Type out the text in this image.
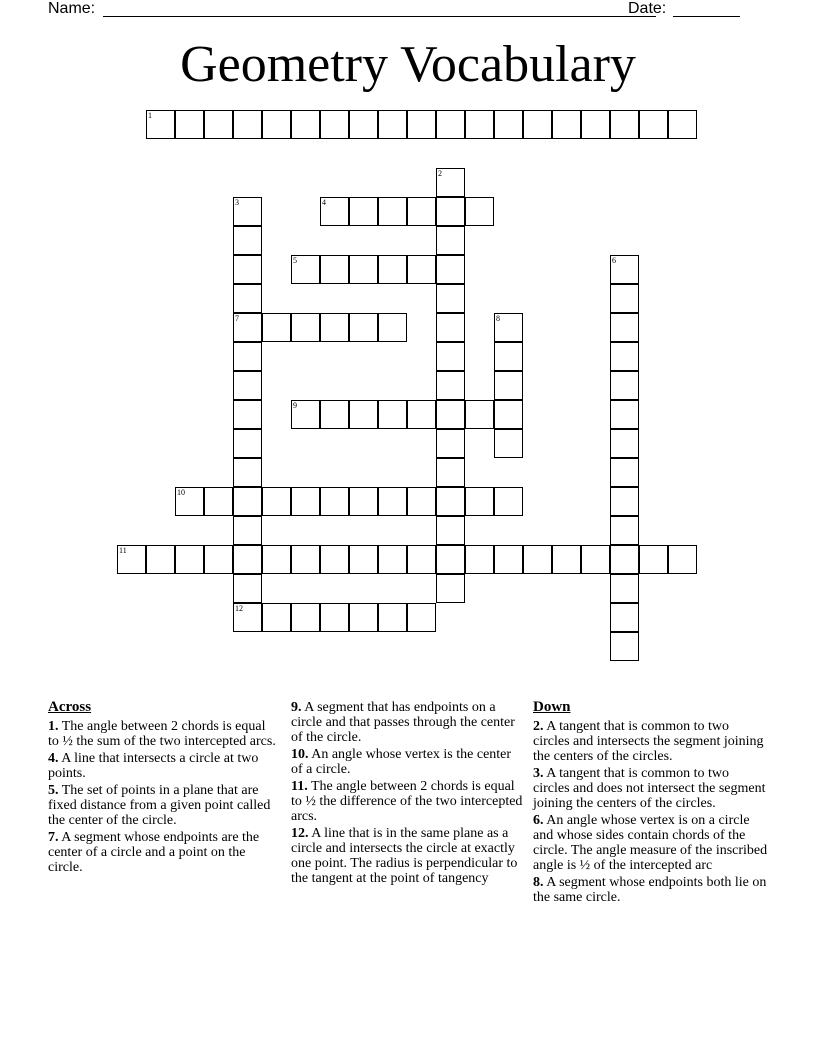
Name:	Date:
Geometry Vocabulary
1
4
5
7
9
10
11
12
2
3
6
8
Across
1. The angle between 2 chords is equal to ½ the sum of the two intercepted arcs.
4. A line that intersects a circle at two points.
5. The set of points in a plane that are fixed distance from a given point called the center of the circle.
7. A segment whose endpoints are the center of a circle and a point on the circle.
9. A segment that has endpoints on a circle and that passes through the center of the circle.
10. An angle whose vertex is the center of a circle.
11. The angle between 2 chords is equal to ½ the difference of the two intercepted arcs.
12. A line that is in the same plane as a circle and intersects the circle at exactly one point. The radius is perpendicular to the tangent at the point of tangency
Down
2. A tangent that is common to two circles and intersects the segment joining the centers of the circles.
3. A tangent that is common to two circles and does not intersect the segment joining the centers of the circles.
6. An angle whose vertex is on a circle and whose sides contain chords of the circle. The angle measure of the inscribed angle is ½ of the intercepted arc
8. A segment whose endpoints both lie on the same circle.
